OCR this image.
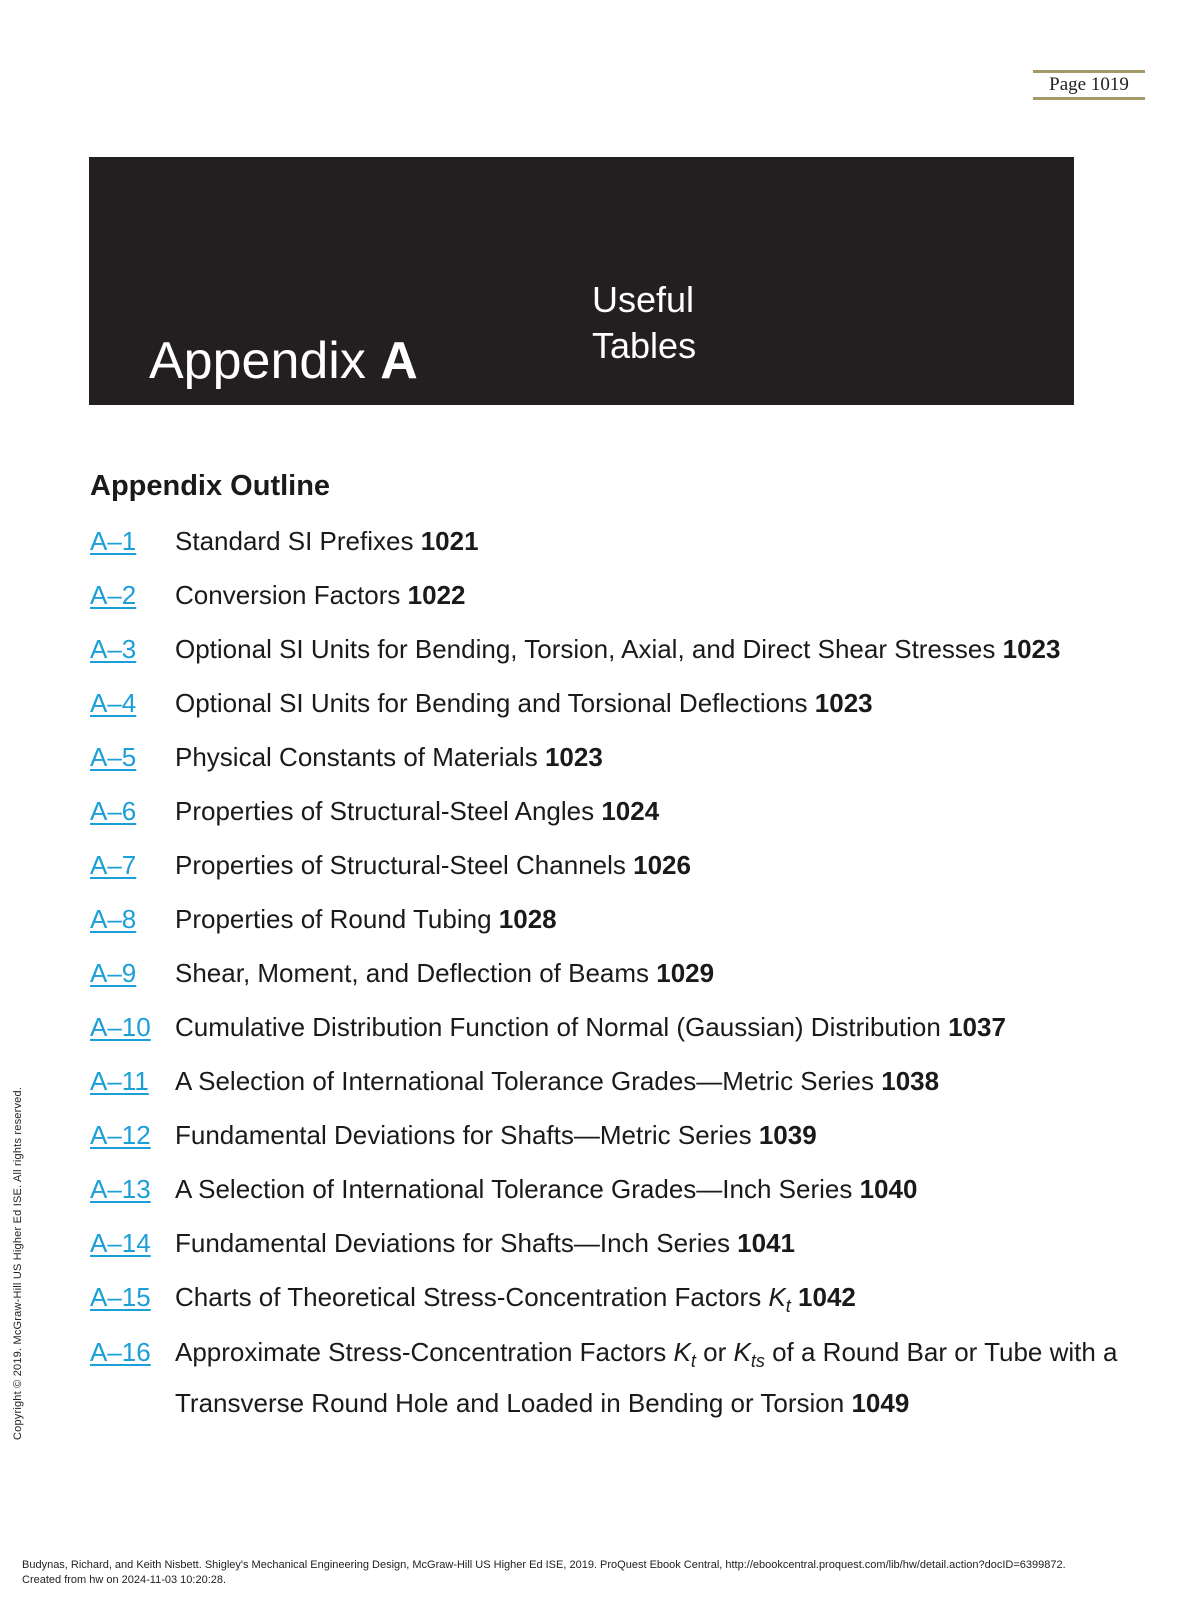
Page 1019
Useful
Tables
Appendix A
Appendix Outline
A–1 Standard SI Prefixes 1021
A–2 Conversion Factors 1022
A–3 Optional SI Units for Bending, Torsion, Axial, and Direct Shear Stresses 1023
A–4 Optional SI Units for Bending and Torsional Deflections 1023
A–5 Physical Constants of Materials 1023
A–6 Properties of Structural-Steel Angles 1024
A–7 Properties of Structural-Steel Channels 1026
A–8 Properties of Round Tubing 1028
A–9 Shear, Moment, and Deflection of Beams 1029
A–10 Cumulative Distribution Function of Normal (Gaussian) Distribution 1037
A–11 A Selection of International Tolerance Grades—Metric Series 1038
A–12 Fundamental Deviations for Shafts—Metric Series 1039
A–13 A Selection of International Tolerance Grades—Inch Series 1040
A–14 Fundamental Deviations for Shafts—Inch Series 1041
A–15 Charts of Theoretical Stress-Concentration Factors $K_t$ 1042
A–16 Approximate Stress-Concentration Factors $K_t$ or $K_{ts}$ of a Round Bar or Tube with a Transverse Round Hole and Loaded in Bending or Torsion 1049
Copyright © 2019. McGraw-Hill US Higher Ed ISE. All rights reserved.
Budynas, Richard, and Keith Nisbett. Shigley's Mechanical Engineering Design, McGraw-Hill US Higher Ed ISE, 2019. ProQuest Ebook Central, http://ebookcentral.proquest.com/lib/hw/detail.action?docID=6399872.
Created from hw on 2024-11-03 10:20:28.
